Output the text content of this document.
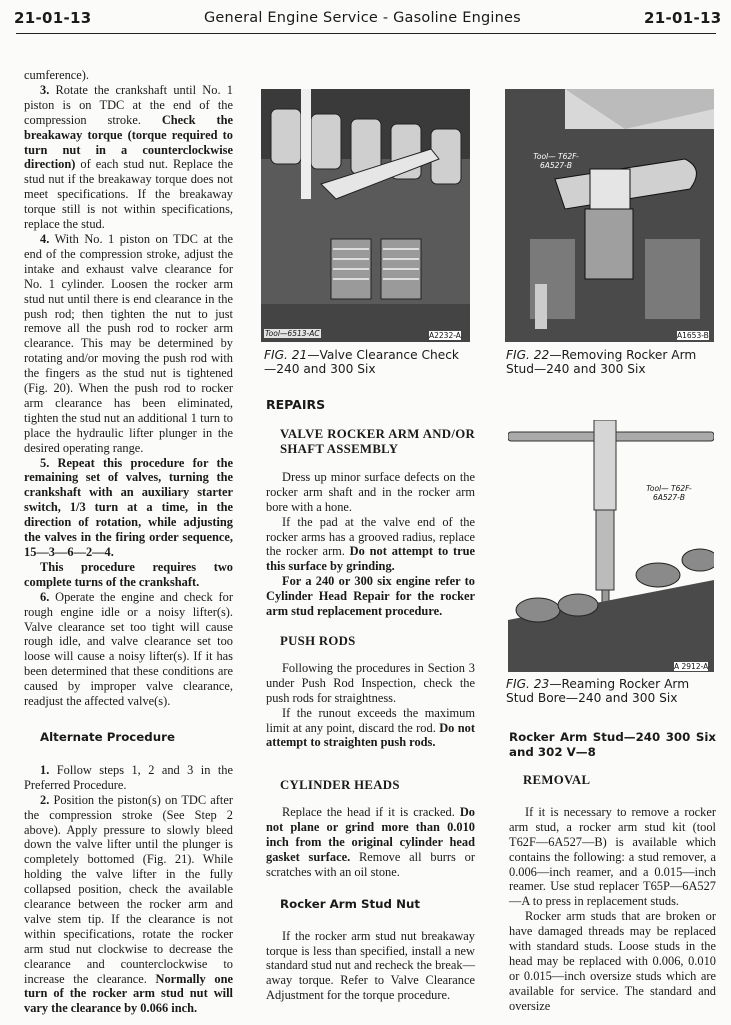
21-01-13	General Engine Service - Gasoline Engines	21-01-13

cumference).

3. Rotate the crankshaft until No. 1 piston is on TDC at the end of the compression stroke. Check the breakaway torque (torque required to turn nut in a counterclockwise direction) of each stud nut. Replace the stud nut if the breakaway torque does not meet specifications. If the breakaway torque still is not within specifications, replace the stud.

4. With No. 1 piston on TDC at the end of the compression stroke, adjust the intake and exhaust valve clearance for No. 1 cylinder. Loosen the rocker arm stud nut until there is end clearance in the push rod; then tighten the nut to just remove all the push rod to rocker arm clearance. This may be determined by rotating and/or moving the push rod with the fingers as the stud nut is tightened (Fig. 20). When the push rod to rocker arm clearance has been eliminated, tighten the stud nut an additional 1 turn to place the hydraulic lifter plunger in the desired operating range.

5. Repeat this procedure for the remaining set of valves, turning the crankshaft with an auxiliary starter switch, 1/3 turn at a time, in the direction of rotation, while adjusting the valves in the firing order sequence, 15—3—6—2—4.

This procedure requires two complete turns of the crankshaft.

6. Operate the engine and check for rough engine idle or a noisy lifter(s). Valve clearance set too tight will cause rough idle, and valve clearance set too loose will cause a noisy lifter(s). If it has been determined that these conditions are caused by improper valve clearance, readjust the affected valve(s).

Alternate Procedure

1. Follow steps 1, 2 and 3 in the Preferred Procedure.

2. Position the piston(s) on TDC after the compression stroke (See Step 2 above). Apply pressure to slowly bleed down the valve lifter until the plunger is completely bottomed (Fig. 21). While holding the valve lifter in the fully collapsed position, check the available clearance between the rocker arm and valve stem tip. If the clearance is not within specifications, rotate the rocker arm stud nut clockwise to decrease the clearance and counterclockwise to increase the clearance. Normally one turn of the rocker arm stud nut will vary the clearance by 0.066 inch.

Tool—6513-AC	A2232-A
FIG. 21—Valve Clearance Check—240 and 300 Six
Tool— T62F-6A527-B
A1653-B
FIG. 22—Removing Rocker Arm Stud—240 and 300 Six
REPAIRS
VALVE ROCKER ARM AND/OR SHAFT ASSEMBLY

Dress up minor surface defects on the rocker arm shaft and in the rocker arm bore with a hone.

If the pad at the valve end of the rocker arms has a grooved radius, replace the rocker arm. Do not attempt to true this surface by grinding.

For a 240 or 300 six engine refer to Cylinder Head Repair for the rocker arm stud replacement procedure.

PUSH RODS

Following the procedures in Section 3 under Push Rod Inspection, check the push rods for straightness.

If the runout exceeds the maximum limit at any point, discard the rod. Do not attempt to straighten push rods.

CYLINDER HEADS

Replace the head if it is cracked. Do not plane or grind more than 0.010 inch from the original cylinder head gasket surface. Remove all burrs or scratches with an oil stone.

Rocker Arm Stud Nut

If the rocker arm stud nut breakaway torque is less than specified, install a new standard stud nut and recheck the break—away torque. Refer to Valve Clearance Adjustment for the torque procedure.

Tool— T62F-6A527-B
A 2912-A
FIG. 23—Reaming Rocker Arm Stud Bore—240 and 300 Six
Rocker Arm Stud—240 300 Six and 302 V—8
REMOVAL

If it is necessary to remove a rocker arm stud, a rocker arm stud kit (tool T62F—6A527—B) is available which contains the following: a stud remover, a 0.006—inch reamer, and a 0.015—inch reamer. Use stud replacer T65P—6A527—A to press in replacement studs.

Rocker arm studs that are broken or have damaged threads may be replaced with standard studs. Loose studs in the head may be replaced with 0.006, 0.010 or 0.015—inch oversize studs which are available for service. The standard and oversize
